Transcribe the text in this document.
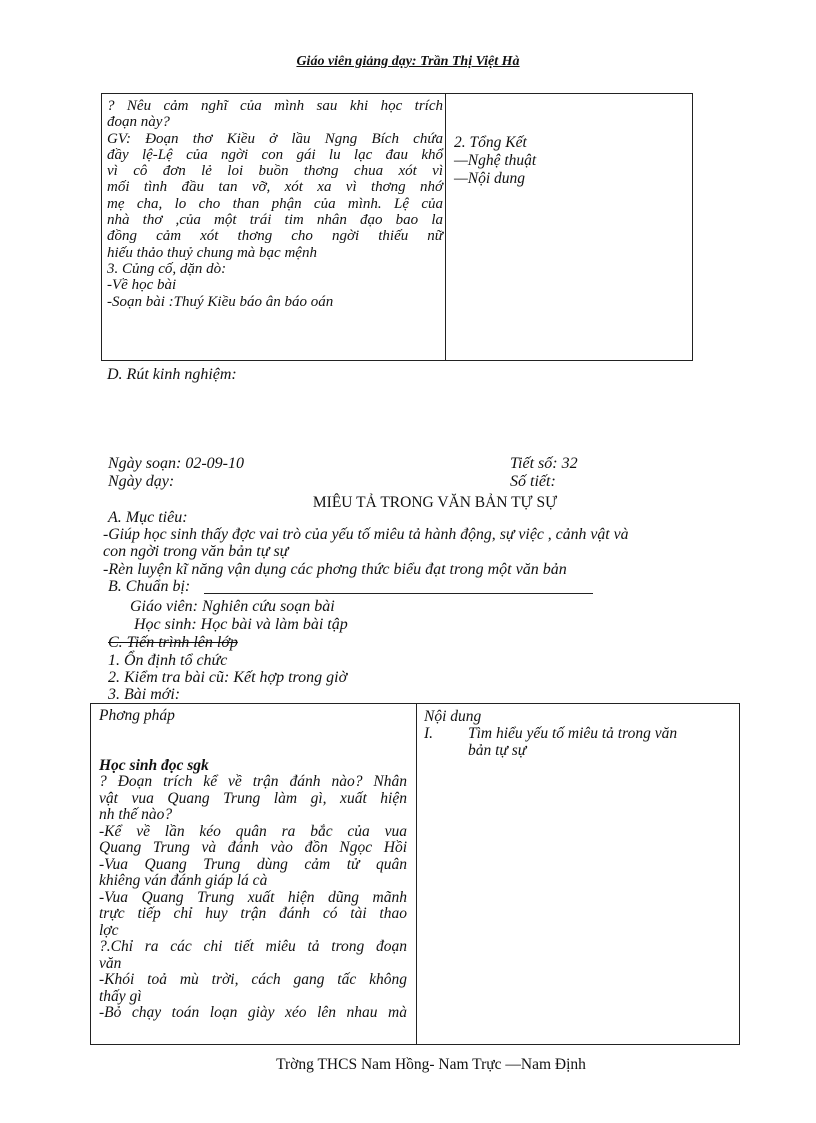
Giáo viên giảng dạy: Trần Thị Việt Hà
? Nêu cảm nghĩ của mình sau khi học trích
đoạn này?
GV: Đoạn thơ Kiều ở lầu Ngng Bích chứa
đầy lệ-Lệ của ngời con gái lu lạc đau khổ
vì cô đơn lẻ loi buồn thơng chua xót vì
mối tình đầu tan vỡ, xót xa vì thơng nhớ
mẹ cha, lo cho than phận của mình. Lệ của
nhà thơ ,của một trái tim nhân đạo bao la
đồng cảm xót thơng cho ngời thiếu nữ
hiếu thảo thuỷ chung mà bạc mệnh
3. Củng cố, dặn dò:
-Về học bài
-Soạn bài :Thuý Kiều báo ân báo oán
2. Tổng Kết
—Nghệ thuật
—Nội dung
D. Rút kinh nghiệm:
Ngày soạn: 02-09-10
Ngày dạy:
Tiết số: 32
Số tiết:
MIÊU TẢ TRONG VĂN BẢN TỰ SỰ
A. Mục tiêu:
-Giúp học sinh thấy đợc vai trò của yếu tố miêu tả hành động, sự việc , cảnh vật và
con ngời trong văn bản tự sự
-Rèn luyện kĩ năng vận dụng các phơng thức biểu đạt trong một văn bản
B. Chuẩn bị:
Giáo viên: Nghiên cứu soạn bài
Học sinh: Học bài và làm bài tập
C. Tiến trình lên lớp
1. Ổn định tổ chức
2. Kiểm tra bài cũ: Kết hợp trong giờ
3. Bài mới:
Phơng pháp
Học sinh đọc sgk
? Đoạn trích kể về trận đánh nào? Nhân
vật vua Quang Trung làm gì, xuất hiện
nh thế nào?
-Kể về lần kéo quân ra bắc của vua
Quang Trung và đánh vào đồn Ngọc Hồi
-Vua Quang Trung dùng cảm tử quân
khiêng ván đánh giáp lá cà
-Vua Quang Trung xuất hiện dũng mãnh
trực tiếp chỉ huy trận đánh có tài thao
lợc
?.Chỉ ra các chi tiết miêu tả trong đoạn
văn
-Khói toả mù trời, cách gang tấc không
thấy gì
-Bỏ chạy toán loạn giày xéo lên nhau mà
Nội dung
I. Tìm hiểu yếu tố miêu tả trong văn
bản tự sự
Trờng THCS Nam Hồng- Nam Trực —Nam Định
